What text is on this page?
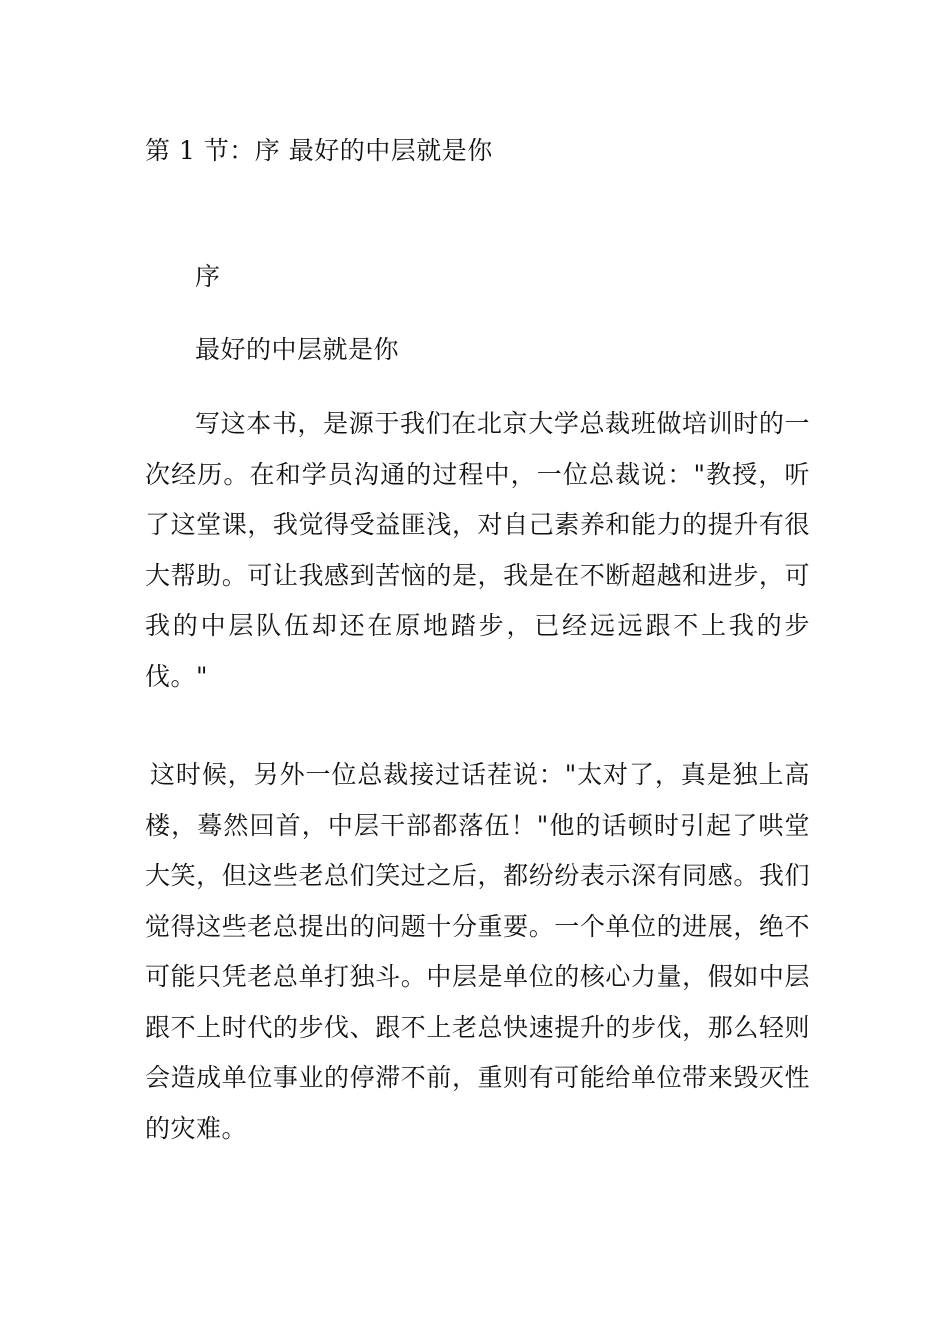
第 1 节：序 最好的中层就是你
序
最好的中层就是你
写这本书，是源于我们在北京大学总裁班做培训时的一次经历。在和学员沟通的过程中，一位总裁说："教授，听了这堂课，我觉得受益匪浅，对自己素养和能力的提升有很大帮助。可让我感到苦恼的是，我是在不断超越和进步，可我的中层队伍却还在原地踏步，已经远远跟不上我的步伐。"
这时候，另外一位总裁接过话茬说："太对了，真是独上高楼，蓦然回首，中层干部都落伍！"他的话顿时引起了哄堂大笑，但这些老总们笑过之后，都纷纷表示深有同感。我们觉得这些老总提出的问题十分重要。一个单位的进展，绝不可能只凭老总单打独斗。中层是单位的核心力量，假如中层跟不上时代的步伐、跟不上老总快速提升的步伐，那么轻则会造成单位事业的停滞不前，重则有可能给单位带来毁灭性的灾难。
